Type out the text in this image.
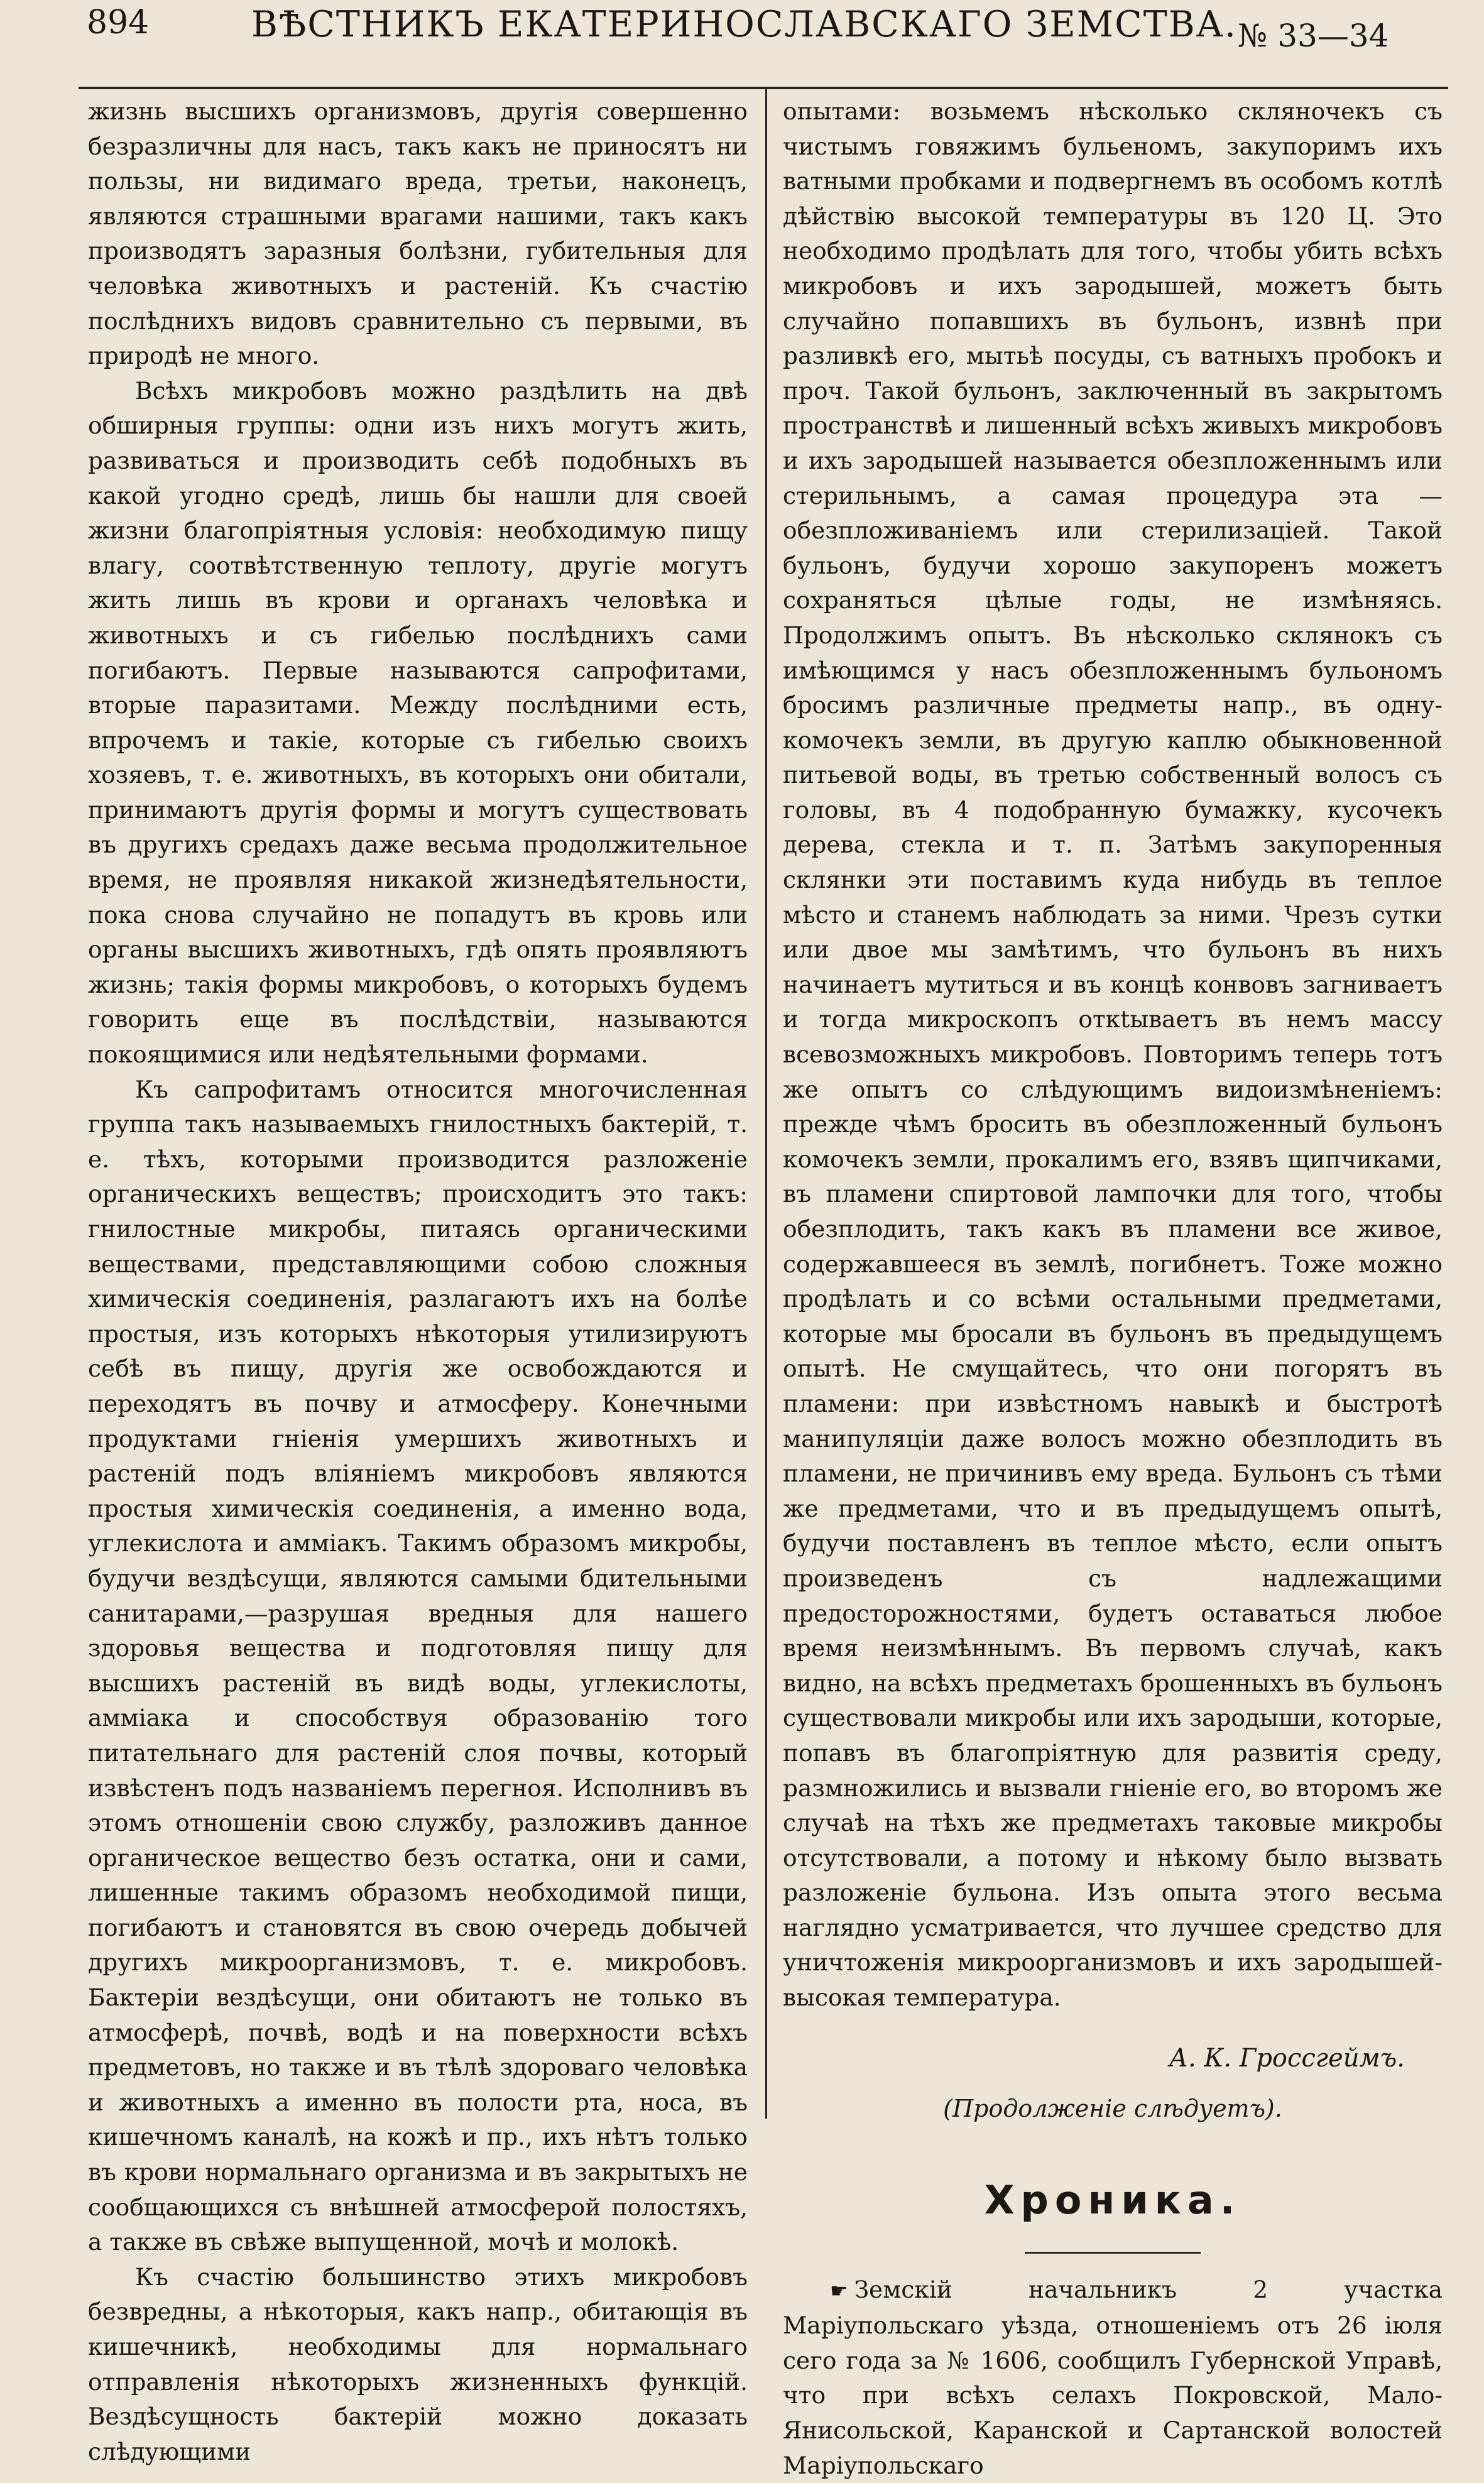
894	ВѢСТНИКЪ ЕКАТЕРИНОСЛАВСКАГО ЗЕМСТВА. № 33—34

жизнь высшихъ организмовъ, другія совершенно безразличны для насъ, такъ какъ не приносятъ ни пользы, ни видимаго вреда, третьи, наконецъ, являются страшными врагами нашими, такъ какъ производятъ заразныя болѣзни, губительныя для человѣка животныхъ и растеній. Къ счастію послѣднихъ видовъ сравнительно съ первыми, въ природѣ не много.

Всѣхъ микробовъ можно раздѣлить на двѣ обширныя группы: одни изъ нихъ могутъ жить, развиваться и производить себѣ подобныхъ въ какой угодно средѣ, лишь бы нашли для своей жизни благопріятныя условія: необходимую пищу влагу, соотвѣтственную теплоту, другіе могутъ жить лишь въ крови и органахъ человѣка и животныхъ и съ гибелью послѣднихъ сами погибаютъ. Первые называются сапрофитами, вторые паразитами. Между послѣдними есть, впрочемъ и такіе, которые съ гибелью своихъ хозяевъ, т. е. животныхъ, въ которыхъ они обитали, принимаютъ другія формы и могутъ существовать въ другихъ средахъ даже весьма продолжительное время, не проявляя никакой жизнедѣятельности, пока снова случайно не попадутъ въ кровь или органы высшихъ животныхъ, гдѣ опять проявляютъ жизнь; такія формы микробовъ, о которыхъ будемъ говорить еще въ послѣдствіи, называются покоящимися или недѣятельными формами.

Къ сапрофитамъ относится многочисленная группа такъ называемыхъ гнилостныхъ бактерій, т. е. тѣхъ, которыми производится разложеніе органическихъ веществъ; происходитъ это такъ: гнилостные микробы, питаясь органическими веществами, представляющими собою сложныя химическія соединенія, разлагаютъ ихъ на болѣе простыя, изъ которыхъ нѣкоторыя утилизируютъ себѣ въ пищу, другія же освобождаются и переходятъ въ почву и атмосферу. Конечными продуктами гніенія умершихъ животныхъ и растеній подъ вліяніемъ микробовъ являются простыя химическія соединенія, а именно вода, углекислота и аммiакъ. Такимъ образомъ микробы, будучи вездѣсущи, являются самыми бдительными санитарами,—разрушая вредныя для нашего здоровья вещества и подготовляя пищу для высшихъ растеній въ видѣ воды, углекислоты, аммiака и способствуя образованію того питательнаго для растеній слоя почвы, который извѣстенъ подъ названіемъ перегноя. Исполнивъ въ этомъ отношеніи свою службу, разложивъ данное органическое вещество безъ остатка, они и сами, лишенные такимъ образомъ необходимой пищи, погибаютъ и становятся въ свою очередь добычей другихъ микроорганизмовъ, т. е. микробовъ. Бактеріи вездѣсущи, они обитаютъ не только въ атмосферѣ, почвѣ, водѣ и на поверхности всѣхъ предметовъ, но также и въ тѣлѣ здороваго человѣка и животныхъ а именно въ полости рта, носа, въ кишечномъ каналѣ, на кожѣ и пр., ихъ нѣтъ только въ крови нормальнаго организма и въ закрытыхъ не сообщающихся съ внѣшней атмосферой полостяхъ, а также въ свѣже выпущенной, мочѣ и молокѣ.

Къ счастію большинство этихъ микробовъ безвредны, а нѣкоторыя, какъ напр., обитающія въ кишечникѣ, необходимы для нормальнаго отправленія нѣкоторыхъ жизненныхъ функцій. Вездѣсущность бактерій можно доказать слѣдующими

опытами: возьмемъ нѣсколько скляночекъ съ чистымъ говяжимъ бульеномъ, закупоримъ ихъ ватными пробками и подвергнемъ въ особомъ котлѣ дѣйствію высокой температуры въ 120 Ц. Это необходимо продѣлать для того, чтобы убить всѣхъ микробовъ и ихъ зародышей, можетъ быть случайно попавшихъ въ бульонъ, извнѣ при разливкѣ его, мытьѣ посуды, съ ватныхъ пробокъ и проч. Такой бульонъ, заключенный въ закрытомъ пространствѣ и лишенный всѣхъ живыхъ микробовъ и ихъ зародышей называется обезпложеннымъ или стерильнымъ, а самая процедура эта —обезпложиваніемъ или стерилизацiей. Такой бульонъ, будучи хорошо закупоренъ можетъ сохраняться цѣлые годы, не измѣняясь. Продолжимъ опытъ. Въ нѣсколько склянокъ съ имѣющимся у насъ обезпложеннымъ бульономъ бросимъ различные предметы напр., въ одну-комочекъ земли, въ другую каплю обыкновенной питьевой воды, въ третью собственный волосъ съ головы, въ 4 подобранную бумажку, кусочекъ дерева, стекла и т. п. Затѣмъ закупоренныя склянки эти поставимъ куда нибудь въ теплое мѣсто и станемъ наблюдать за ними. Чрезъ сутки или двое мы замѣтимъ, что бульонъ въ нихъ начинаетъ мутиться и въ концѣ конвовъ загниваетъ и тогда микроскопъ откtываетъ въ немъ массу всевозможныхъ микробовъ. Повторимъ теперь тотъ же опытъ со слѣдующимъ видоизмѣненіемъ: прежде чѣмъ бросить въ обезпложенный бульонъ комочекъ земли, прокалимъ его, взявъ щипчиками, въ пламени спиртовой лампочки для того, чтобы обезплодить, такъ какъ въ пламени все живое, содержавшееся въ землѣ, погибнетъ. Тоже можно продѣлать и со всѣми остальными предметами, которые мы бросали въ бульонъ въ предыдущемъ опытѣ. Не смущайтесь, что они погорятъ въ пламени: при извѣстномъ навыкѣ и быстротѣ манипуляціи даже волосъ можно обезплодить въ пламени, не причинивъ ему вреда. Бульонъ съ тѣми же предметами, что и въ предыдущемъ опытѣ, будучи поставленъ въ теплое мѣсто, если опытъ произведенъ съ надлежащими предосторожностями, будетъ оставаться любое время неизмѣннымъ. Въ первомъ случаѣ, какъ видно, на всѣхъ предметахъ брошенныхъ въ бульонъ существовали микробы или ихъ зародыши, которые, попавъ въ благопріятную для развитія среду, размножились и вызвали гніеніе его, во второмъ же случаѣ на тѣхъ же предметахъ таковые микробы отсутствовали, а потому и нѣкому было вызвать разложеніе бульона. Изъ опыта этого весьма наглядно усматривается, что лучшее средство для уничтоженія микроорганизмовъ и ихъ зародышей-высокая температура.

А. К. Гроссгеймъ.
(Продолженіе слѣдуетъ).
Хроника.

☛ Земскій начальникъ 2 участка Маріупольскаго уѣзда, отношеніемъ отъ 26 іюля сего года за № 1606, сообщилъ Губернской Управѣ, что при всѣхъ селахъ Покровской, Мало-Янисольской, Каранской и Сартанской волостей Маріупольскаго
